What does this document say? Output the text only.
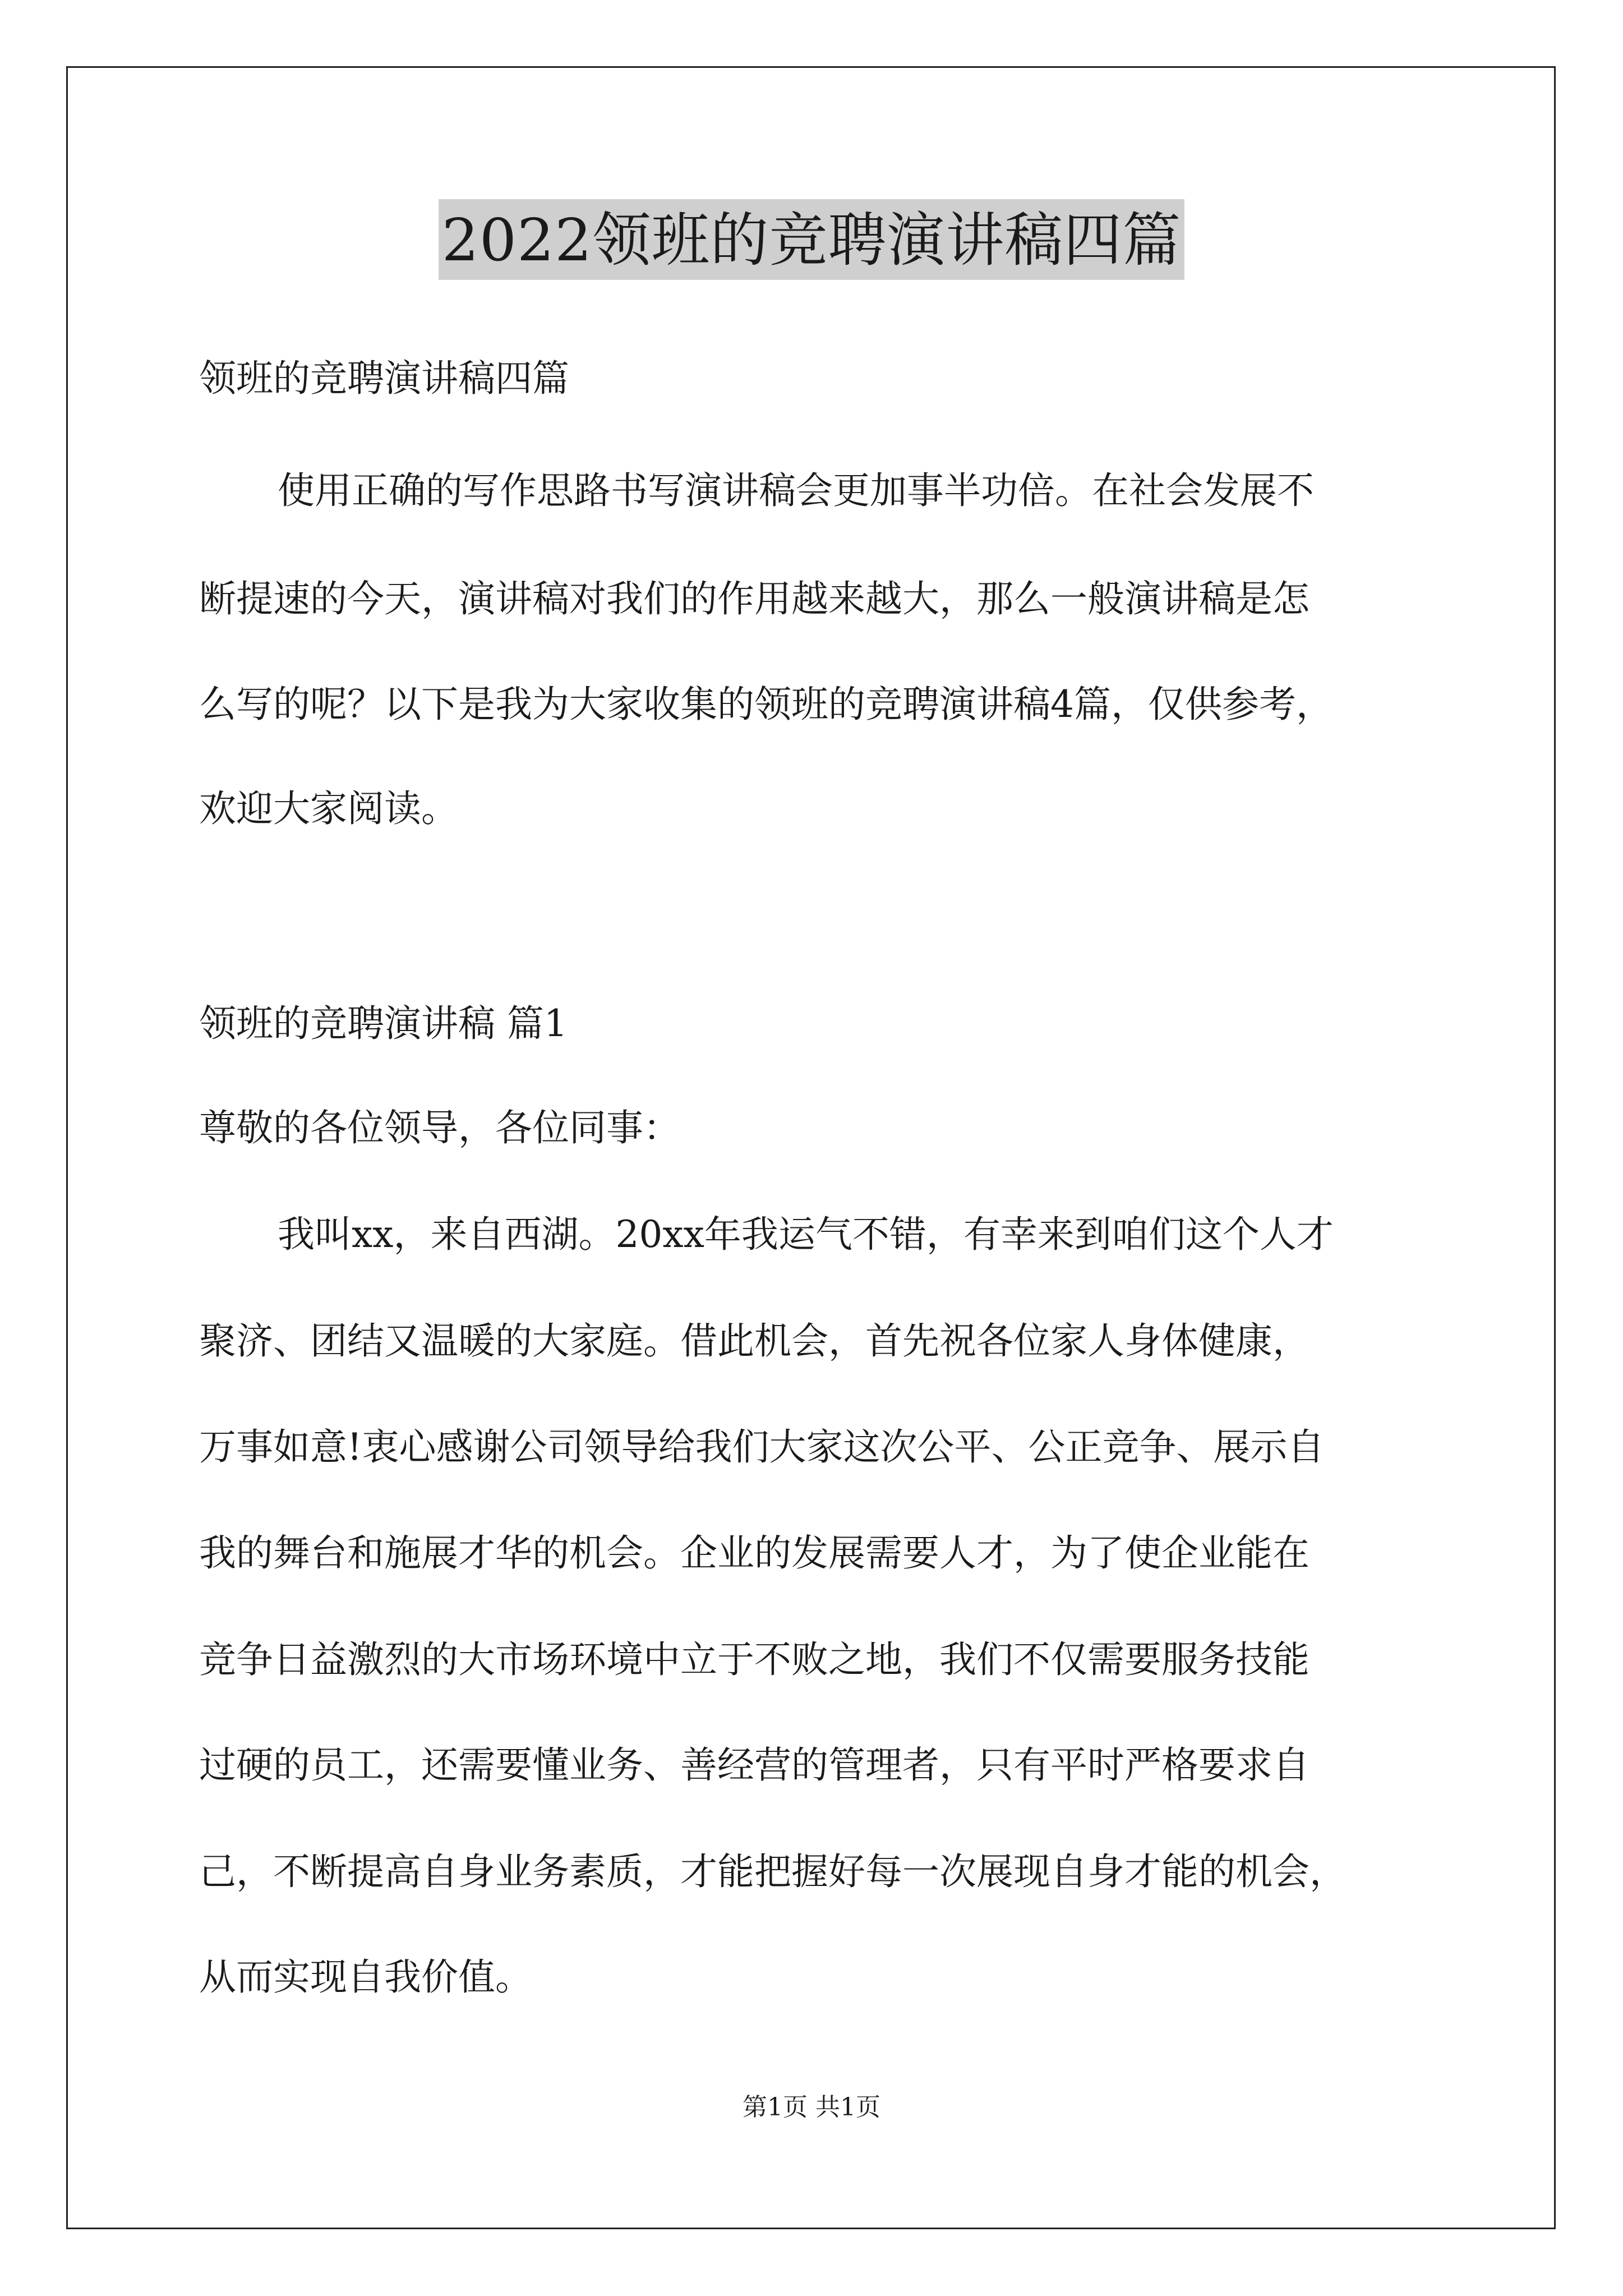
2022领班的竞聘演讲稿四篇
领班的竞聘演讲稿四篇
使用正确的写作思路书写演讲稿会更加事半功倍。在社会发展不
断提速的今天，演讲稿对我们的作用越来越大，那么一般演讲稿是怎
么写的呢？以下是我为大家收集的领班的竞聘演讲稿4篇，仅供参考，
欢迎大家阅读。
领班的竞聘演讲稿 篇1
尊敬的各位领导，各位同事：
我叫xx，来自西湖。20xx年我运气不错，有幸来到咱们这个人才
聚济、团结又温暖的大家庭。借此机会，首先祝各位家人身体健康，
万事如意!衷心感谢公司领导给我们大家这次公平、公正竞争、展示自
我的舞台和施展才华的机会。企业的发展需要人才，为了使企业能在
竞争日益激烈的大市场环境中立于不败之地，我们不仅需要服务技能
过硬的员工，还需要懂业务、善经营的管理者，只有平时严格要求自
己，不断提高自身业务素质，才能把握好每一次展现自身才能的机会，
从而实现自我价值。
第1页 共1页
